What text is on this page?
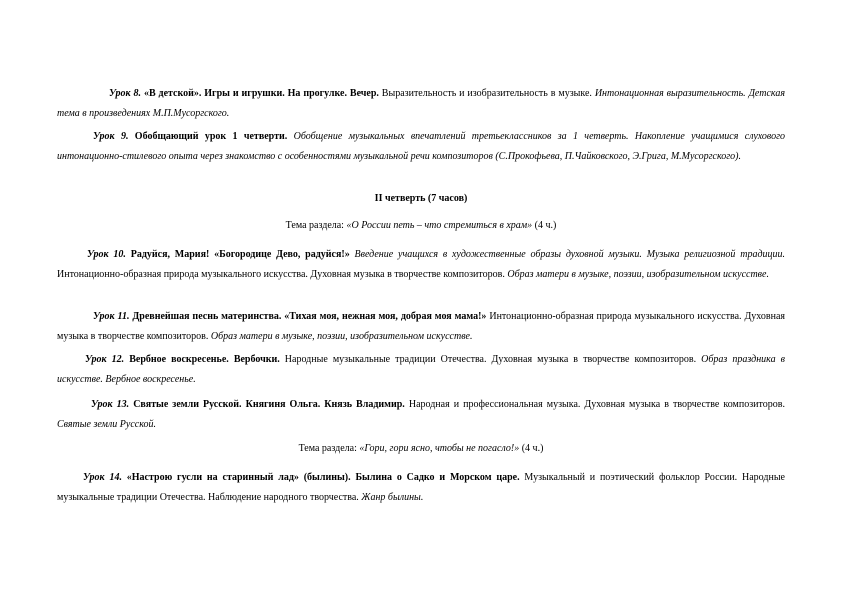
Урок 8. «В детской». Игры и игрушки. На прогулке. Вечер. Выразительность и изобразительность в музыке. Интонационная выразительность. Детская тема в произведениях М.П.Мусоргского.

Урок 9. Обобщающий урок 1 четверти. Обобщение музыкальных впечатлений третьеклассников за 1 четверть. Накопление учащимися слухового интонационно-стилевого опыта через знакомство с особенностями музыкальной речи композиторов (С.Прокофьева, П.Чайковского, Э.Грига, М.Мусоргского).

II четверть (7 часов)

Тема раздела: «О России петь – что стремиться в храм» (4 ч.)

Урок 10. Радуйся, Мария! «Богородице Дево, радуйся!» Введение учащихся в художественные образы духовной музыки. Музыка религиозной традиции. Интонационно-образная природа музыкального искусства. Духовная музыка в творчестве композиторов. Образ матери в музыке, поэзии, изобразительном искусстве.

Урок 11. Древнейшая песнь материнства. «Тихая моя, нежная моя, добрая моя мама!» Интонационно-образная природа музыкального искусства. Духовная музыка в творчестве композиторов. Образ матери в музыке, поэзии, изобразительном искусстве.

Урок 12. Вербное воскресенье. Вербочки. Народные музыкальные традиции Отечества. Духовная музыка в творчестве композиторов. Образ праздника в искусстве. Вербное воскресенье.

Урок 13. Святые земли Русской. Княгиня Ольга. Князь Владимир. Народная и профессиональная музыка. Духовная музыка в творчестве композиторов. Святые земли Русской.

Тема раздела: «Гори, гори ясно, чтобы не погасло!» (4 ч.)

Урок 14. «Настрою гусли на старинный лад» (былины). Былина о Садко и Морском царе. Музыкальный и поэтический фольклор России. Народные музыкальные традиции Отечества. Наблюдение народного творчества. Жанр былины.
